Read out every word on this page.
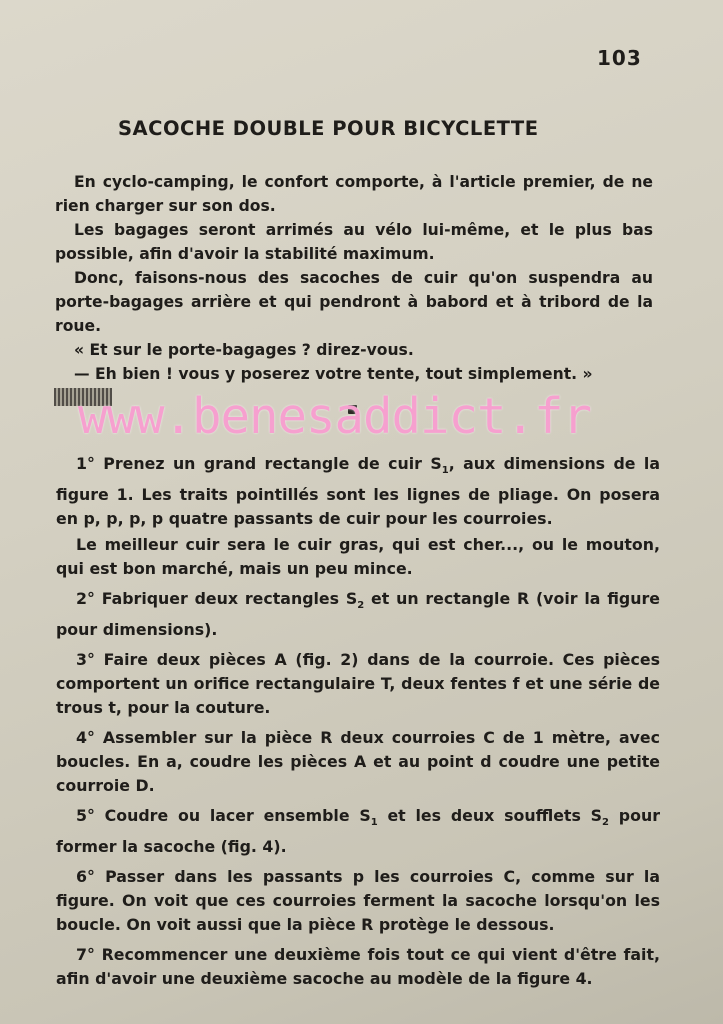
103
SACOCHE DOUBLE POUR BICYCLETTE

En cyclo-camping, le confort comporte, à l'article premier, de ne rien charger sur son dos.

Les bagages seront arrimés au vélo lui-même, et le plus bas possible, afin d'avoir la stabilité maximum.

Donc, faisons-nous des sacoches de cuir qu'on suspendra au porte-bagages arrière et qui pendront à babord et à tribord de la roue.

« Et sur le porte-bagages ? direz-vous.

— Eh bien ! vous y poserez votre tente, tout simplement. »

www.benesaddict.fr

1° Prenez un grand rectangle de cuir $S_1$, aux dimensions de la figure 1. Les traits pointillés sont les lignes de pliage. On posera en p, p, p, p quatre passants de cuir pour les courroies.

Le meilleur cuir sera le cuir gras, qui est cher..., ou le mouton, qui est bon marché, mais un peu mince.

2° Fabriquer deux rectangles $S_2$ et un rectangle R (voir la figure pour dimensions).

3° Faire deux pièces A (fig. 2) dans de la courroie. Ces pièces comportent un orifice rectangulaire T, deux fentes f et une série de trous t, pour la couture.

4° Assembler sur la pièce R deux courroies C de 1 mètre, avec boucles. En a, coudre les pièces A et au point d coudre une petite courroie D.

5° Coudre ou lacer ensemble $S_1$ et les deux soufflets $S_2$ pour former la sacoche (fig. 4).

6° Passer dans les passants p les courroies C, comme sur la figure. On voit que ces courroies ferment la sacoche lorsqu'on les boucle. On voit aussi que la pièce R protège le dessous.

7° Recommencer une deuxième fois tout ce qui vient d'être fait, afin d'avoir une deuxième sacoche au modèle de la figure 4.
